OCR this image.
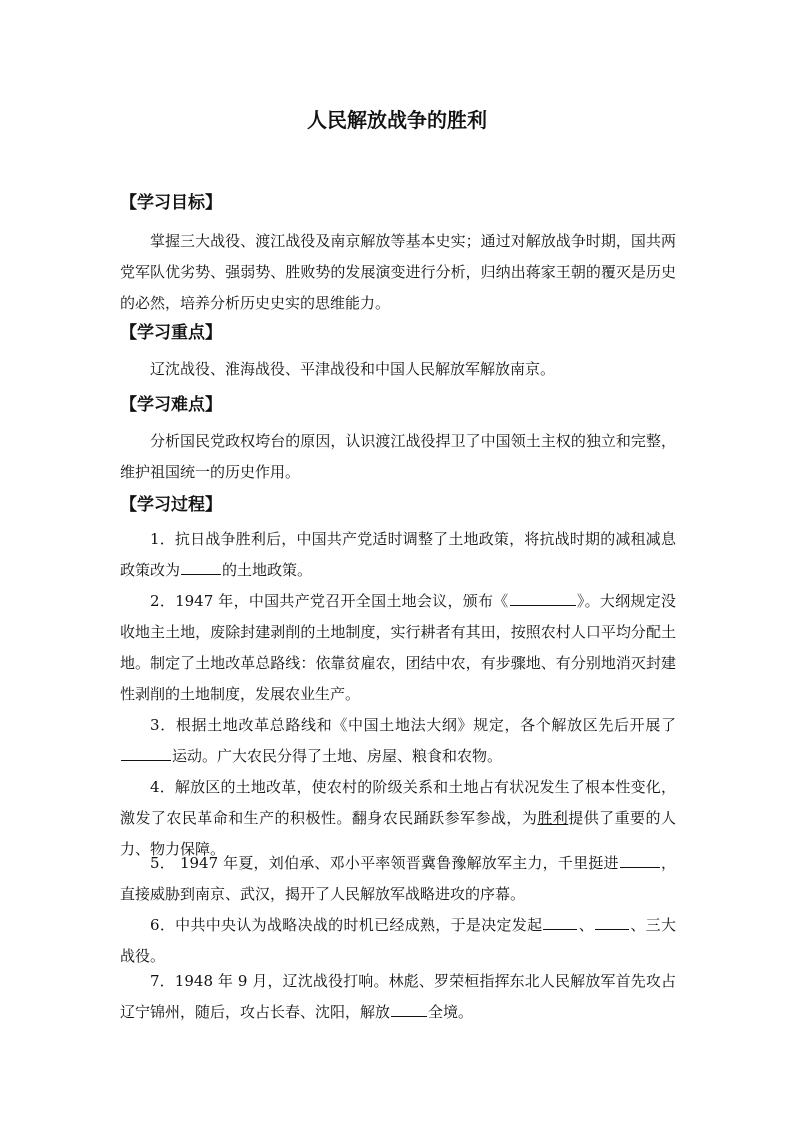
人民解放战争的胜利
【学习目标】
掌握三大战役、渡江战役及南京解放等基本史实；通过对解放战争时期，国共两党军队优劣势、强弱势、胜败势的发展演变进行分析，归纳出蒋家王朝的覆灭是历史的必然，培养分析历史史实的思维能力。
【学习重点】
辽沈战役、淮海战役、平津战役和中国人民解放军解放南京。
【学习难点】
分析国民党政权垮台的原因，认识渡江战役捍卫了中国领土主权的独立和完整，维护祖国统一的历史作用。
【学习过程】
1．抗日战争胜利后，中国共产党适时调整了土地政策，将抗战时期的减租减息政策改为	的土地政策。
2．1947 年，中国共产党召开全国土地会议，颁布《	》。大纲规定没收地主土地，废除封建剥削的土地制度，实行耕者有其田，按照农村人口平均分配土地。制定了土地改革总路线：依靠贫雇农，团结中农，有步骤地、有分别地消灭封建性剥削的土地制度，发展农业生产。
3．根据土地改革总路线和《中国土地法大纲》规定，各个解放区先后开展了运动。广大农民分得了土地、房屋、粮食和农物。
4．解放区的土地改革，使农村的阶级关系和土地占有状况发生了根本性变化，激发了农民革命和生产的积极性。翻身农民踊跃参军参战，为胜利提供了重要的人力、物力保障。
5． 1947 年夏，刘伯承、邓小平率领晋冀鲁豫解放军主力，千里挺进	，直接威胁到南京、武汉，揭开了人民解放军战略进攻的序幕。
6．中共中央认为战略决战的时机已经成熟，于是决定发起 、 、三大战役。
7．1948 年 9 月，辽沈战役打响。林彪、罗荣桓指挥东北人民解放军首先攻占辽宁锦州，随后，攻占长春、沈阳，解放	全境。
